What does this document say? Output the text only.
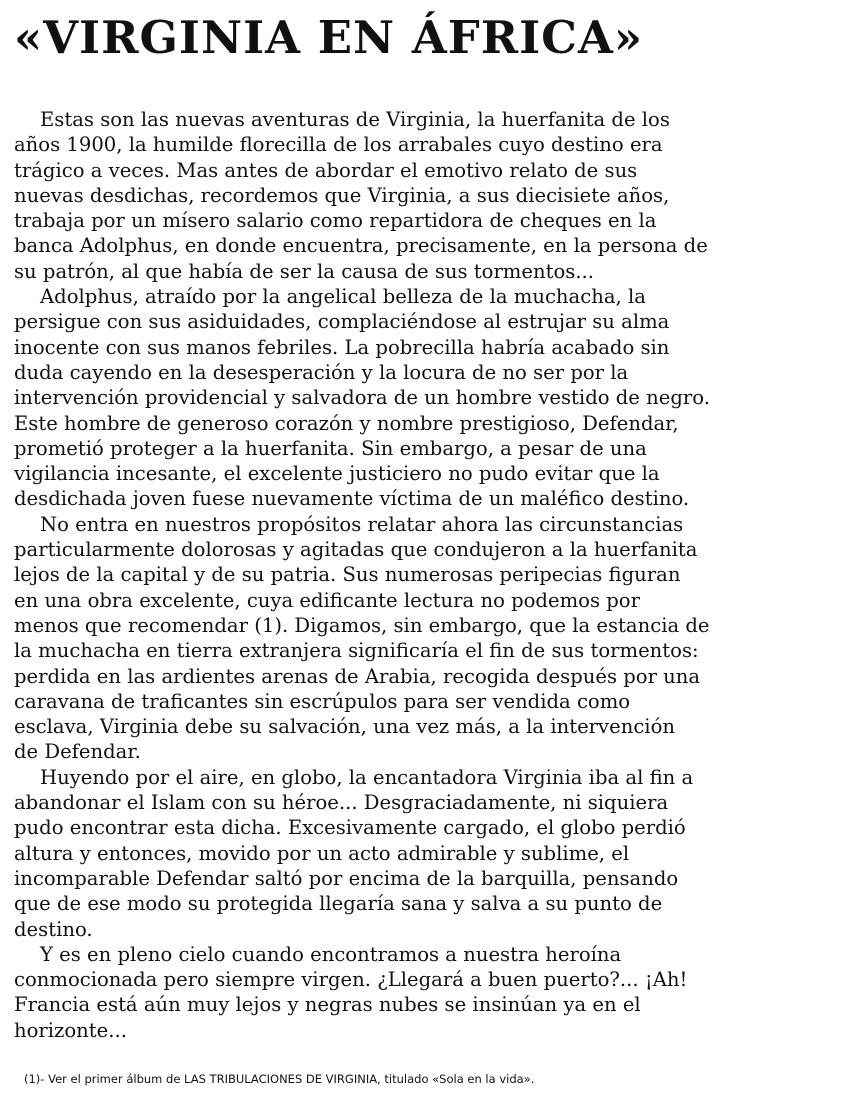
«VIRGINIA EN ÁFRICA»

Estas son las nuevas aventuras de Virginia, la huerfanita de los
años 1900, la humilde florecilla de los arrabales cuyo destino era
trágico a veces. Mas antes de abordar el emotivo relato de sus
nuevas desdichas, recordemos que Virginia, a sus diecisiete años,
trabaja por un mísero salario como repartidora de cheques en la
banca Adolphus, en donde encuentra, precisamente, en la persona de
su patrón, al que había de ser la causa de sus tormentos...

Adolphus, atraído por la angelical belleza de la muchacha, la
persigue con sus asiduidades, complaciéndose al estrujar su alma
inocente con sus manos febriles. La pobrecilla habría acabado sin
duda cayendo en la desesperación y la locura de no ser por la
intervención providencial y salvadora de un hombre vestido de negro.
Este hombre de generoso corazón y nombre prestigioso, Defendar,
prometió proteger a la huerfanita. Sin embargo, a pesar de una
vigilancia incesante, el excelente justiciero no pudo evitar que la
desdichada joven fuese nuevamente víctima de un maléfico destino.

No entra en nuestros propósitos relatar ahora las circunstancias
particularmente dolorosas y agitadas que condujeron a la huerfanita
lejos de la capital y de su patria. Sus numerosas peripecias figuran
en una obra excelente, cuya edificante lectura no podemos por
menos que recomendar (1). Digamos, sin embargo, que la estancia de
la muchacha en tierra extranjera significaría el fin de sus tormentos:
perdida en las ardientes arenas de Arabia, recogida después por una
caravana de traficantes sin escrúpulos para ser vendida como
esclava, Virginia debe su salvación, una vez más, a la intervención
de Defendar.

Huyendo por el aire, en globo, la encantadora Virginia iba al fin a
abandonar el Islam con su héroe... Desgraciadamente, ni siquiera
pudo encontrar esta dicha. Excesivamente cargado, el globo perdió
altura y entonces, movido por un acto admirable y sublime, el
incomparable Defendar saltó por encima de la barquilla, pensando
que de ese modo su protegida llegaría sana y salva a su punto de
destino.

Y es en pleno cielo cuando encontramos a nuestra heroína
conmocionada pero siempre virgen. ¿Llegará a buen puerto?... ¡Ah!
Francia está aún muy lejos y negras nubes se insinúan ya en el
horizonte...

(1)- Ver el primer álbum de LAS TRIBULACIONES DE VIRGINIA, titulado «Sola en la vida».
